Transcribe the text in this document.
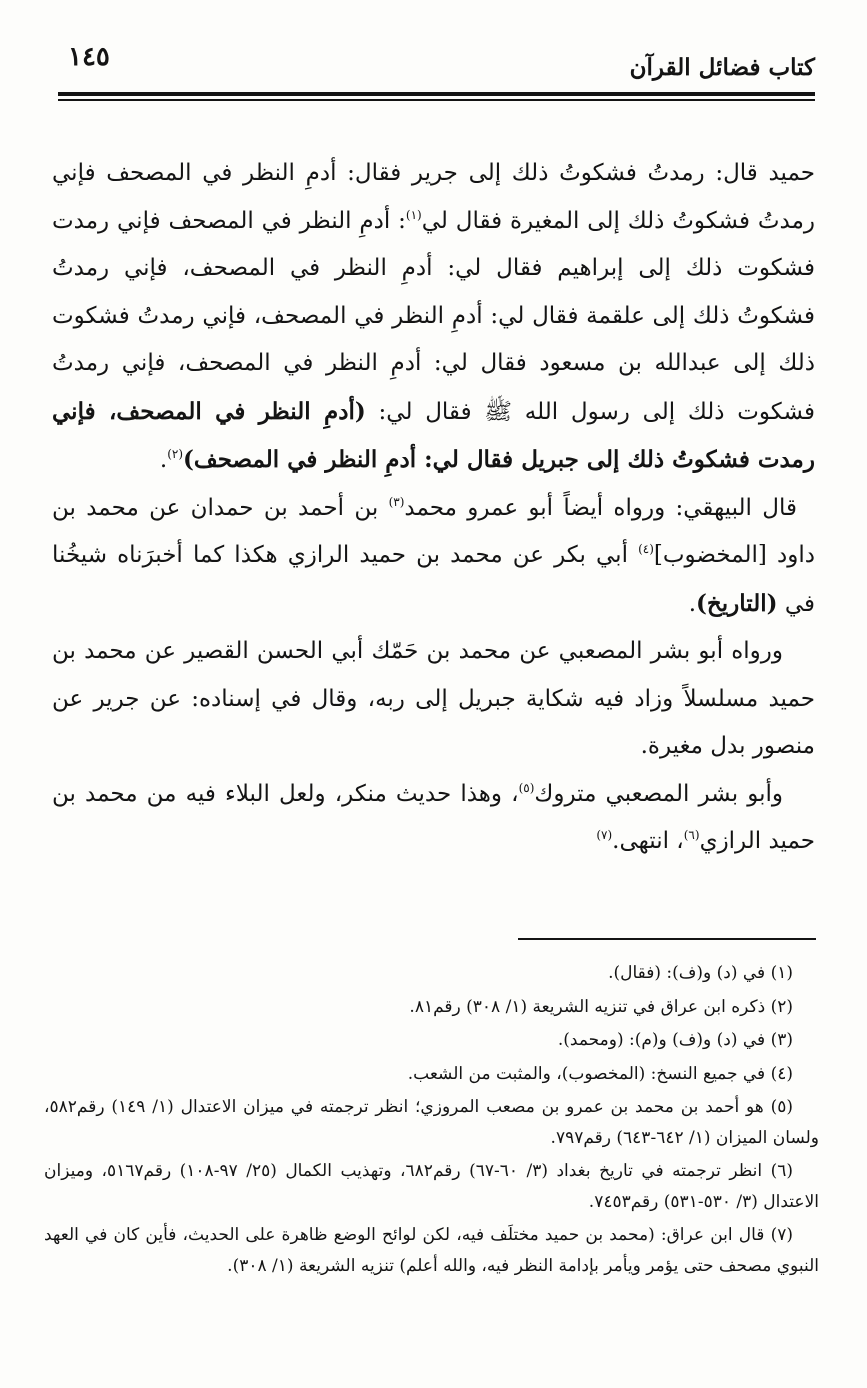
١٤٥	كتاب فضائل القرآن

حميد قال: رمدتُ فشكوتُ ذلك إلى جرير فقال: أدمِ النظر في المصحف فإني رمدتُ فشكوتُ ذلك إلى المغيرة فقال لي$^{(١)}$: أدمِ النظر في المصحف فإني رمدت فشكوت ذلك إلى إبراهيم فقال لي: أدمِ النظر في المصحف، فإني رمدتُ فشكوتُ ذلك إلى علقمة فقال لي: أدمِ النظر في المصحف، فإني رمدتُ فشكوت ذلك إلى عبدالله بن مسعود فقال لي: أدمِ النظر في المصحف، فإني رمدتُ فشكوت ذلك إلى رسول الله ﷺ فقال لي: (أدمِ النظر في المصحف، فإني رمدت فشكوتُ ذلك إلى جبريل فقال لي: أدمِ النظر في المصحف)$^{(٢)}$.

قال البيهقي: ورواه أيضاً أبو عمرو محمد$^{(٣)}$ بن أحمد بن حمدان عن محمد بن داود [المخضوب]$^{(٤)}$ أبي بكر عن محمد بن حميد الرازي هكذا كما أخبرَناه شيخُنا في (التاريخ).

ورواه أبو بشر المصعبي عن محمد بن حَمّك أبي الحسن القصير عن محمد بن حميد مسلسلاً وزاد فيه شكاية جبريل إلى ربه، وقال في إسناده: عن جرير عن منصور بدل مغيرة.

وأبو بشر المصعبي متروك$^{(٥)}$، وهذا حديث منكر، ولعل البلاء فيه من محمد بن حميد الرازي$^{(٦)}$، انتهى.$^{(٧)}$

(١) في (د) و(ف): (فقال).

(٢) ذكره ابن عراق في تنزيه الشريعة (١/ ٣٠٨) رقم٨١.

(٣) في (د) و(ف) و(م): (ومحمد).

(٤) في جميع النسخ: (المخصوب)، والمثبت من الشعب.

(٥) هو أحمد بن محمد بن عمرو بن مصعب المروزي؛ انظر ترجمته في ميزان الاعتدال (١/ ١٤٩) رقم٥٨٢، ولسان الميزان (١/ ٦٤٢-٦٤٣) رقم٧٩٧.

(٦) انظر ترجمته في تاريخ بغداد (٣/ ٦٠-٦٧) رقم٦٨٢، وتهذيب الكمال (٢٥/ ٩٧-١٠٨) رقم٥١٦٧، وميزان الاعتدال (٣/ ٥٣٠-٥٣١) رقم٧٤٥٣.

(٧) قال ابن عراق: (محمد بن حميد مختلَف فيه، لكن لوائح الوضع ظاهرة على الحديث، فأين كان في العهد النبوي مصحف حتى يؤمر ويأمر بإدامة النظر فيه، والله أعلم) تنزيه الشريعة (١/ ٣٠٨).
